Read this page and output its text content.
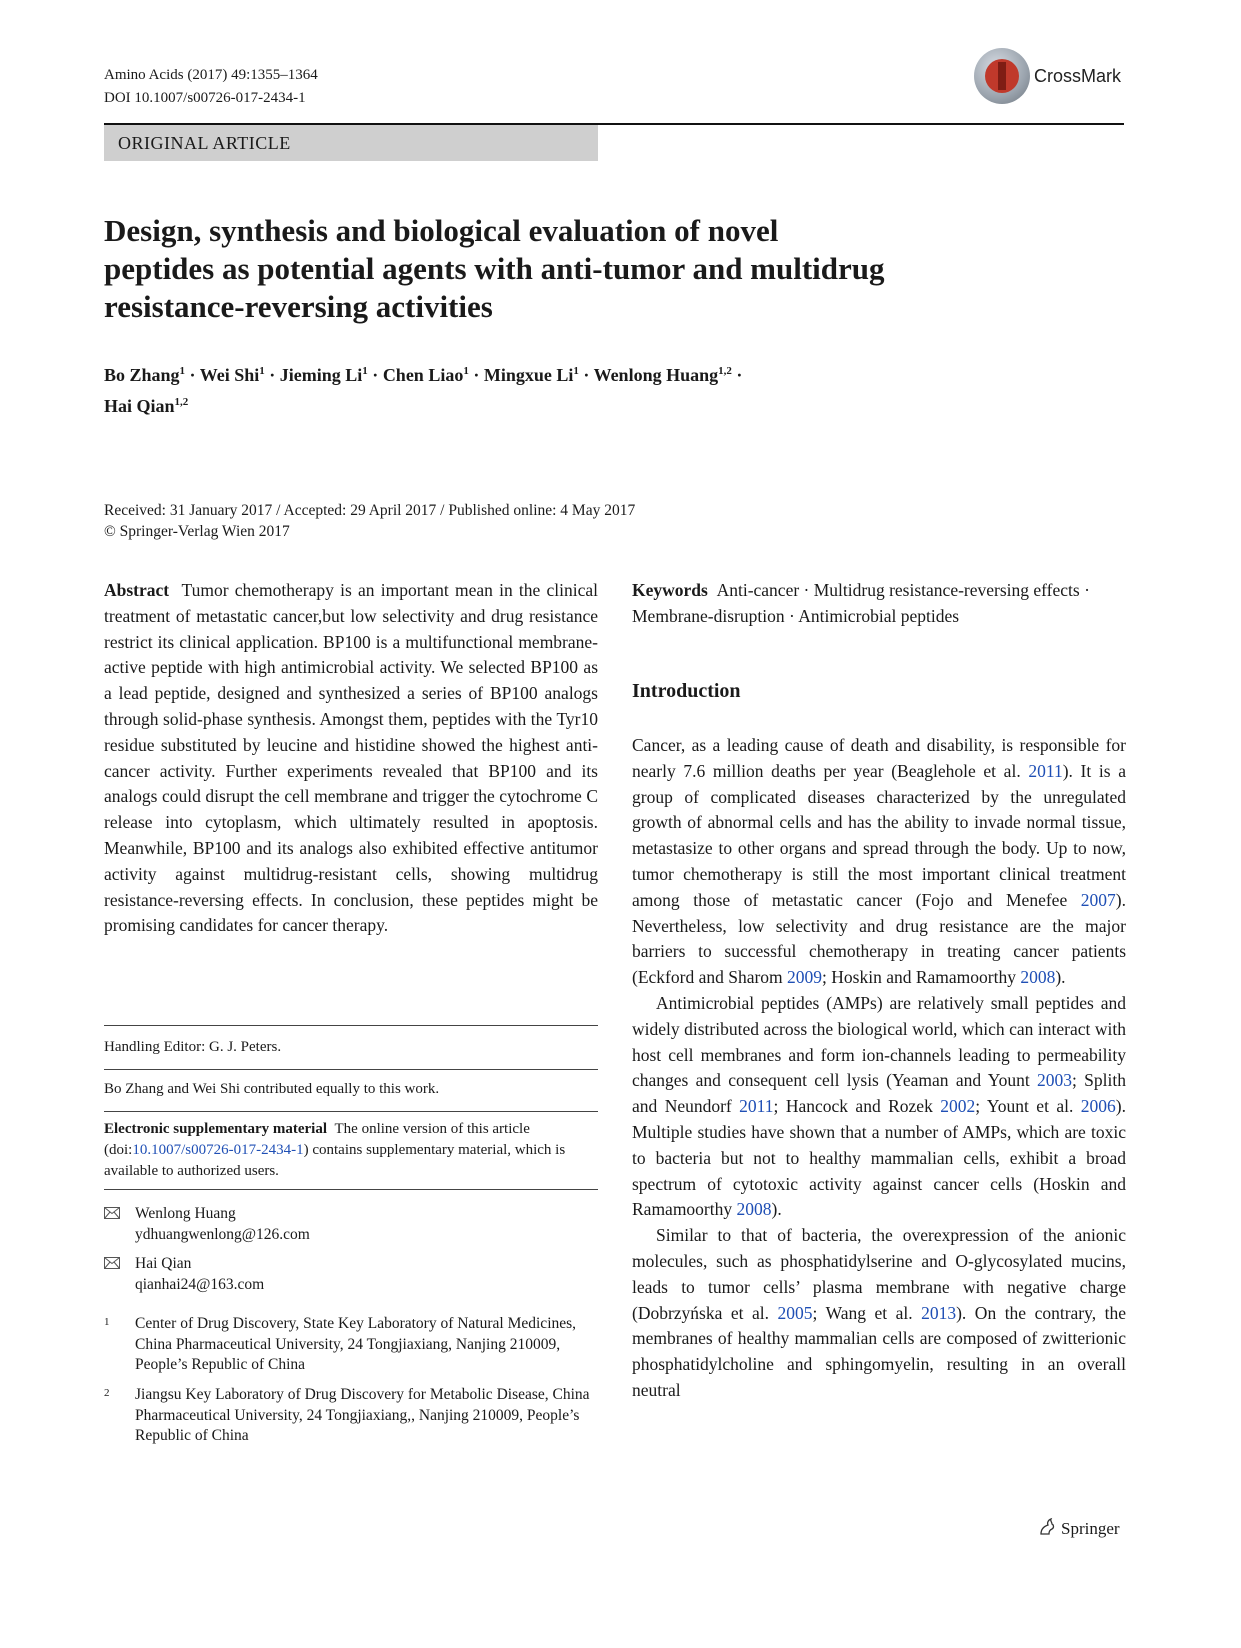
Amino Acids (2017) 49:1355–1364
DOI 10.1007/s00726-017-2434-1
CrossMark
ORIGINAL ARTICLE
Design, synthesis and biological evaluation of novel
peptides as potential agents with anti-tumor and multidrug
resistance-reversing activities
Bo Zhang$^1$ · Wei Shi$^1$ · Jieming $Li^1$ · Chen Liao$^1$ · Mingxue $Li^1$ · Wenlong Huang$^{1,2}$ ·
Hai Qian$^{1,2}$
Received: 31 January 2017 / Accepted: 29 April 2017 / Published online: 4 May 2017
© Springer-Verlag Wien 2017

Abstract Tumor chemotherapy is an important mean in the clinical treatment of metastatic cancer,but low selectivity and drug resistance restrict its clinical application. BP100 is a multifunctional membrane-active peptide with high antimicrobial activity. We selected BP100 as a lead peptide, designed and synthesized a series of BP100 analogs through solid-phase synthesis. Amongst them, peptides with the Tyr10 residue substituted by leucine and histidine showed the highest anti-cancer activity. Further experiments revealed that BP100 and its analogs could disrupt the cell membrane and trigger the cytochrome C release into cytoplasm, which ultimately resulted in apoptosis. Meanwhile, BP100 and its analogs also exhibited effective antitumor activity against multidrug-resistant cells, showing multidrug resistance-reversing effects. In conclusion, these peptides might be promising candidates for cancer therapy.

Keywords Anti-cancer · Multidrug resistance-reversing effects · Membrane-disruption · Antimicrobial peptides

Introduction

Cancer, as a leading cause of death and disability, is responsible for nearly 7.6 million deaths per year (Beaglehole et al. 2011). It is a group of complicated diseases characterized by the unregulated growth of abnormal cells and has the ability to invade normal tissue, metastasize to other organs and spread through the body. Up to now, tumor chemotherapy is still the most important clinical treatment among those of metastatic cancer (Fojo and Menefee 2007). Nevertheless, low selectivity and drug resistance are the major barriers to successful chemotherapy in treating cancer patients (Eckford and Sharom 2009; Hoskin and Ramamoorthy 2008).

Antimicrobial peptides (AMPs) are relatively small peptides and widely distributed across the biological world, which can interact with host cell membranes and form ion-channels leading to permeability changes and consequent cell lysis (Yeaman and Yount 2003; Splith and Neundorf 2011; Hancock and Rozek 2002; Yount et al. 2006). Multiple studies have shown that a number of AMPs, which are toxic to bacteria but not to healthy mammalian cells, exhibit a broad spectrum of cytotoxic activity against cancer cells (Hoskin and Ramamoorthy 2008).

Similar to that of bacteria, the overexpression of the anionic molecules, such as phosphatidylserine and O-glycosylated mucins, leads to tumor cells’ plasma membrane with negative charge (Dobrzyńska et al. 2005; Wang et al. 2013). On the contrary, the membranes of healthy mammalian cells are composed of zwitterionic phosphatidylcholine and sphingomyelin, resulting in an overall neutral

Handling Editor: G. J. Peters.
Bo Zhang and Wei Shi contributed equally to this work.
Electronic supplementary material The online version of this article (doi:10.1007/s00726-017-2434-1) contains supplementary material, which is available to authorized users.
Wenlong Huang
ydhuangwenlong@126.com
Hai Qian
qianhai24@163.com
1 Center of Drug Discovery, State Key Laboratory of Natural Medicines, China Pharmaceutical University, 24 Tongjiaxiang, Nanjing 210009, People’s Republic of China
2 Jiangsu Key Laboratory of Drug Discovery for Metabolic Disease, China Pharmaceutical University, 24 Tongjiaxiang,, Nanjing 210009, People’s Republic of China
Springer
